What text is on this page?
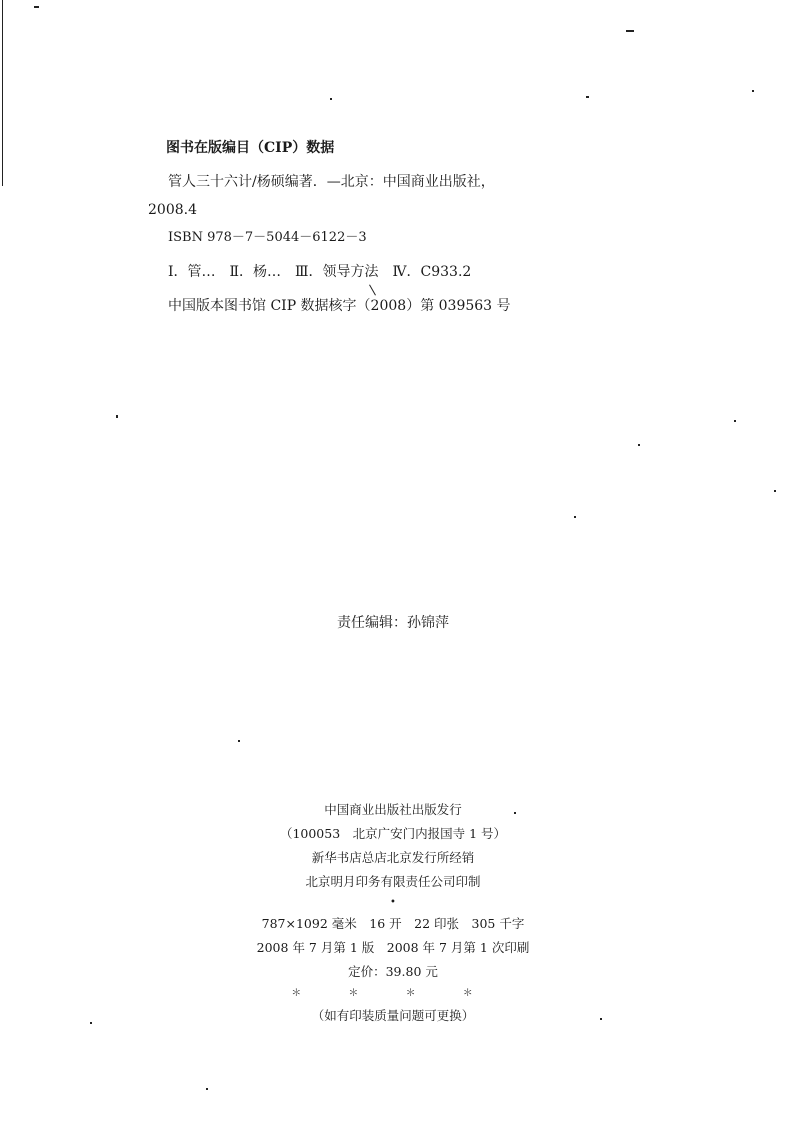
图书在版编目（CIP）数据
管人三十六计/杨硕编著．—北京：中国商业出版社，
2008.4
ISBN 978－7－5044－6122－3
Ⅰ．管…　Ⅱ．杨…　Ⅲ．领导方法　Ⅳ．C933.2
中国版本图书馆 CIP 数据核字（2008）第 039563 号
责任编辑：孙锦萍
中国商业出版社出版发行
（100053　北京广安门内报国寺 1 号）
新华书店总店北京发行所经销
北京明月印务有限责任公司印制
•
787×1092 毫米　16 开　22 印张　305 千字
2008 年 7 月第 1 版　2008 年 7 月第 1 次印刷
定价：39.80 元
＊ ＊ ＊ ＊
（如有印装质量问题可更换）
